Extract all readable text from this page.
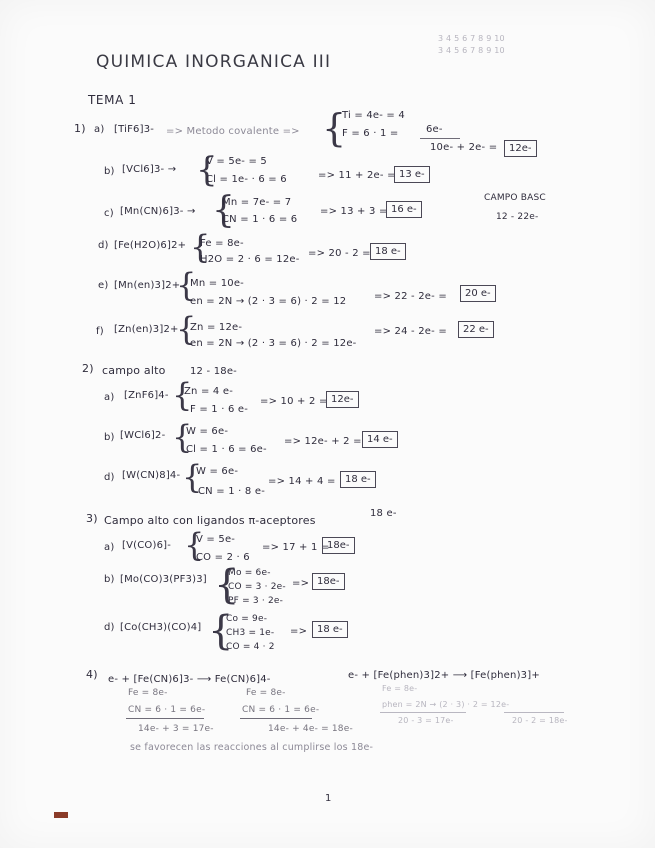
3 4 5 6 7 8 9 10
3 4 5 6 7 8 9 10
QUIMICA INORGANICA III
TEMA 1
1) a) [TiF6]3- => Metodo covalente => {
Ti = 4e- = 4
F = 6 · 1 =	6e-
10e- + 2e- =	12e-
b) [VCl6]3- → {
V = 5e- = 5
Cl = 1e- · 6 = 6	=> 11 + 2e- = 13 e-
c) [Mn(CN)6]3- → {
Mn = 7e- = 7
CN = 1 · 6 = 6
=> 13 + 3 = 16 e-
CAMPO BASC
12 - 22e-
d) [Fe(H2O)6]2+ {
Fe = 8e-
H2O = 2 · 6 = 12e-
=> 20 - 2 = 18 e-
e) [Mn(en)3]2+
{
Mn = 10e-
en = 2N → (2 · 3 = 6) · 2 = 12	=> 22 - 2e- =	20 e-
f) [Zn(en)3]2+
{
Zn = 12e-
en = 2N → (2 · 3 = 6) · 2 = 12e-
=> 24 - 2e- =	22 e-
2) campo alto 12 - 18e-
a) [ZnF6]4- {
Zn = 4 e-
F = 1 · 6 e-
=> 10 + 2 = 12e-
b) [WCl6]2- {
W = 6e-
Cl = 1 · 6 = 6e-
=> 12e- + 2 = 14 e-
d) [W(CN)8]4- {
W = 6e-
CN = 1 · 8 e-
=> 14 + 4 = 18 e-
3) Campo alto con ligandos π-aceptores
18 e-
a) [V(CO)6]- {
V = 5e-
CO = 2 · 6
=> 17 + 1 =
18e-
b) [Mo(CO)3(PF3)3] {
Mo = 6e-
CO = 3 · 2e-
PF = 3 · 2e-
=> 18e-
d) [Co(CH3)(CO)4] {
Co = 9e-
CH3 = 1e-
CO = 4 · 2
=> 18 e-
4) e- + [Fe(CN)6]3- ⟶ Fe(CN)6]4-
Fe = 8e-
CN = 6 · 1 = 6e-
14e- + 3 = 17e-
Fe = 8e-
CN = 6 · 1 = 6e-
14e- + 4e- = 18e-
e- + [Fe(phen)3]2+ ⟶ [Fe(phen)3]+
Fe = 8e-
phen = 2N → (2 · 3) · 2 = 12e-
20 - 3 = 17e-	20 - 2 = 18e-
se favorecen las reacciones al cumplirse los 18e-
1
